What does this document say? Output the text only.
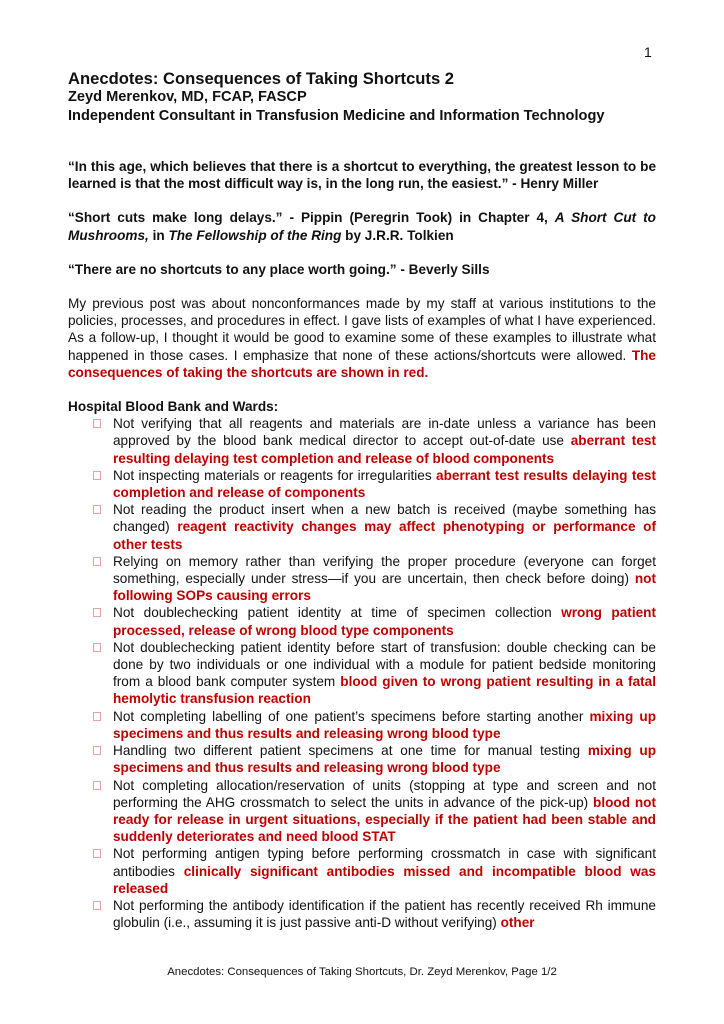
1

Anecdotes: Consequences of Taking Shortcuts 2

Zeyd Merenkov, MD, FCAP, FASCP

Independent Consultant in Transfusion Medicine and Information Technology

“In this age, which believes that there is a shortcut to everything, the greatest lesson to be learned is that the most difficult way is, in the long run, the easiest.” - Henry Miller

“Short cuts make long delays.” - Pippin (Peregrin Took) in Chapter 4, A Short Cut to Mushrooms, in The Fellowship of the Ring by J.R.R. Tolkien

“There are no shortcuts to any place worth going.” - Beverly Sills

My previous post was about nonconformances made by my staff at various institutions to the policies, processes, and procedures in effect. I gave lists of examples of what I have experienced. As a follow-up, I thought it would be good to examine some of these examples to illustrate what happened in those cases. I emphasize that none of these actions/shortcuts were allowed. The consequences of taking the shortcuts are shown in red.

Hospital Blood Bank and Wards:

Not verifying that all reagents and materials are in-date unless a variance has been approved by the blood bank medical director to accept out-of-date use aberrant test resulting delaying test completion and release of blood components
Not inspecting materials or reagents for irregularities aberrant test results delaying test completion and release of components
Not reading the product insert when a new batch is received (maybe something has changed) reagent reactivity changes may affect phenotyping or performance of other tests
Relying on memory rather than verifying the proper procedure (everyone can forget something, especially under stress—if you are uncertain, then check before doing) not following SOPs causing errors
Not doublechecking patient identity at time of specimen collection wrong patient processed, release of wrong blood type components
Not doublechecking patient identity before start of transfusion: double checking can be done by two individuals or one individual with a module for patient bedside monitoring from a blood bank computer system blood given to wrong patient resulting in a fatal hemolytic transfusion reaction
Not completing labelling of one patient’s specimens before starting another mixing up specimens and thus results and releasing wrong blood type
Handling two different patient specimens at one time for manual testing mixing up specimens and thus results and releasing wrong blood type
Not completing allocation/reservation of units (stopping at type and screen and not performing the AHG crossmatch to select the units in advance of the pick-up) blood not ready for release in urgent situations, especially if the patient had been stable and suddenly deteriorates and need blood STAT
Not performing antigen typing before performing crossmatch in case with significant antibodies clinically significant antibodies missed and incompatible blood was released
Not performing the antibody identification if the patient has recently received Rh immune globulin (i.e., assuming it is just passive anti-D without verifying) other
Anecdotes: Consequences of Taking Shortcuts, Dr. Zeyd Merenkov, Page 1/2
